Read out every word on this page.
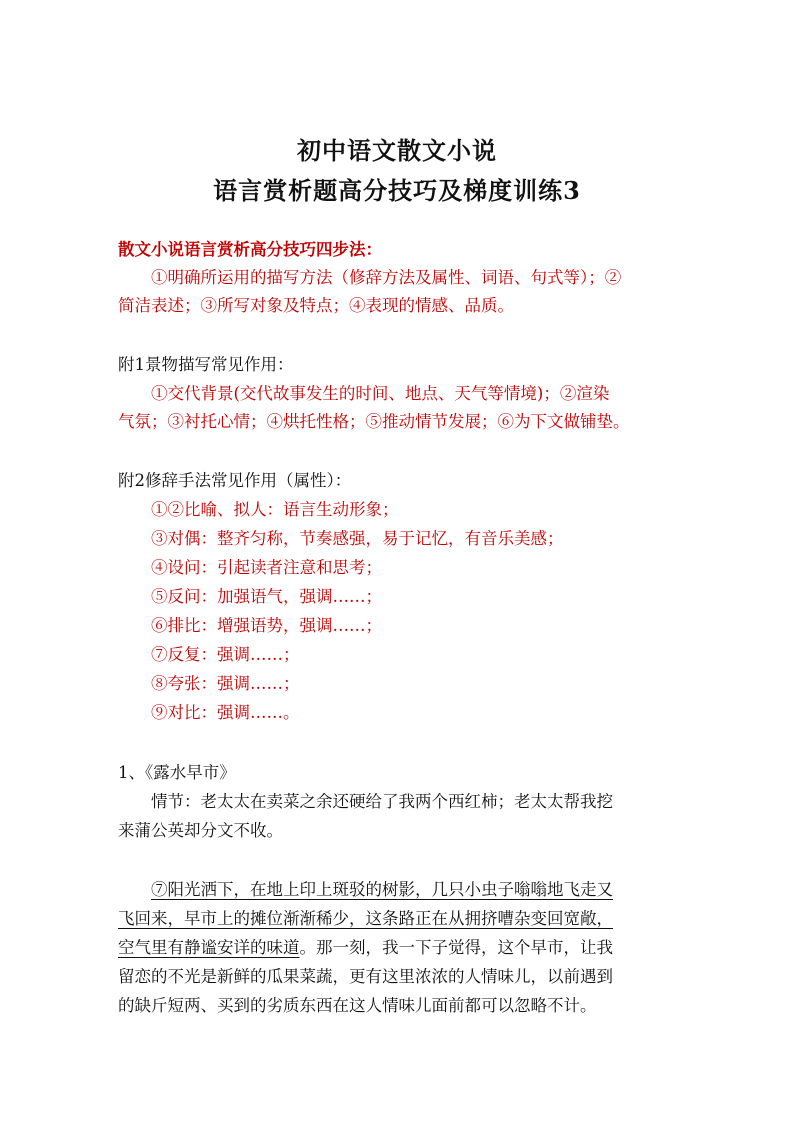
初中语文散文小说
语言赏析题高分技巧及梯度训练3

散文小说语言赏析高分技巧四步法：

①明确所运用的描写方法（修辞方法及属性、词语、句式等）；②

简洁表述；③所写对象及特点；④表现的情感、品质。

附1景物描写常见作用：

①交代背景(交代故事发生的时间、地点、天气等情境)；②渲染

气氛；③衬托心情；④烘托性格；⑤推动情节发展；⑥为下文做铺垫。

附2修辞手法常见作用（属性）：

①②比喻、拟人：语言生动形象；

③对偶：整齐匀称，节奏感强，易于记忆，有音乐美感；

④设问：引起读者注意和思考；

⑤反问：加强语气，强调……；

⑥排比：增强语势，强调……；

⑦反复：强调……；

⑧夸张：强调……；

⑨对比：强调……。

1、《露水早市》

情节：老太太在卖菜之余还硬给了我两个西红柿；老太太帮我挖

来蒲公英却分文不收。

⑦阳光洒下，在地上印上斑驳的树影，几只小虫子嗡嗡地飞走又

飞回来，早市上的摊位渐渐稀少，这条路正在从拥挤嘈杂变回宽敞，

空气里有静谧安详的味道。那一刻，我一下子觉得，这个早市，让我

留恋的不光是新鲜的瓜果菜蔬，更有这里浓浓的人情味儿，以前遇到

的缺斤短两、买到的劣质东西在这人情味儿面前都可以忽略不计。
